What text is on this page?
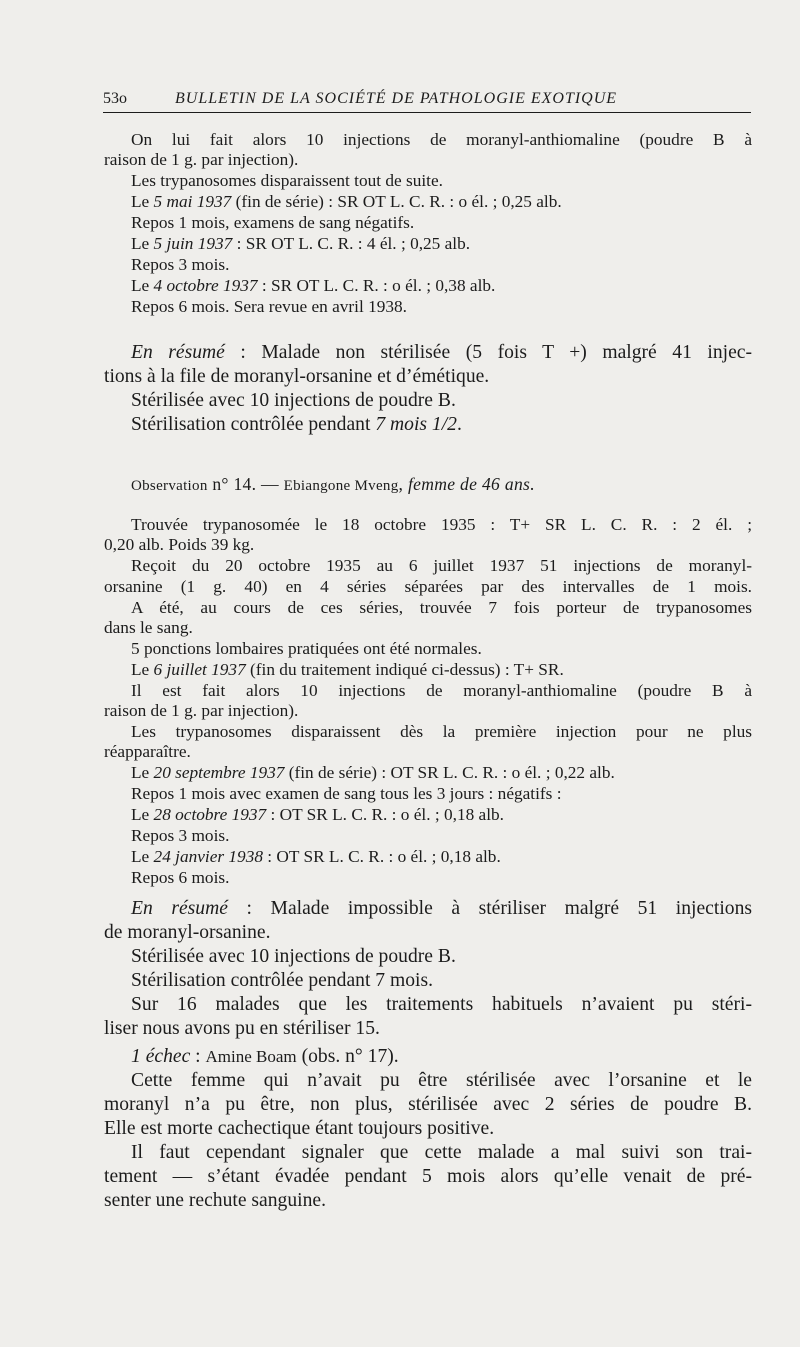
53o	BULLETIN DE LA SOCIÉTÉ DE PATHOLOGIE EXOTIQUE
On lui fait alors 10 injections de moranyl-anthiomaline (poudre B à
raison de 1 g. par injection).
Les trypanosomes disparaissent tout de suite.
Le 5 mai 1937 (fin de série) : SR OT L. C. R. : o él. ; 0,25 alb.
Repos 1 mois, examens de sang négatifs.
Le 5 juin 1937 : SR OT L. C. R. : 4 él. ; 0,25 alb.
Repos 3 mois.
Le 4 octobre 1937 : SR OT L. C. R. : o él. ; 0,38 alb.
Repos 6 mois. Sera revue en avril 1938.
En résumé : Malade non stérilisée (5 fois T +) malgré 41 injec-
tions à la file de moranyl-orsanine et d’émétique.
Stérilisée avec 10 injections de poudre B.
Stérilisation contrôlée pendant 7 mois 1/2.
Observation n° 14. — Ebiangone Mveng, femme de 46 ans.
Trouvée trypanosomée le 18 octobre 1935 : T+ SR L. C. R. : 2 él. ;
0,20 alb. Poids 39 kg.
Reçoit du 20 octobre 1935 au 6 juillet 1937 51 injections de moranyl-
orsanine (1 g. 40) en 4 séries séparées par des intervalles de 1 mois.
A été, au cours de ces séries, trouvée 7 fois porteur de trypanosomes
dans le sang.
5 ponctions lombaires pratiquées ont été normales.
Le 6 juillet 1937 (fin du traitement indiqué ci-dessus) : T+ SR.
Il est fait alors 10 injections de moranyl-anthiomaline (poudre B à
raison de 1 g. par injection).
Les trypanosomes disparaissent dès la première injection pour ne plus
réapparaître.
Le 20 septembre 1937 (fin de série) : OT SR L. C. R. : o él. ; 0,22 alb.
Repos 1 mois avec examen de sang tous les 3 jours : négatifs :
Le 28 octobre 1937 : OT SR L. C. R. : o él. ; 0,18 alb.
Repos 3 mois.
Le 24 janvier 1938 : OT SR L. C. R. : o él. ; 0,18 alb.
Repos 6 mois.
En résumé : Malade impossible à stériliser malgré 51 injections
de moranyl-orsanine.
Stérilisée avec 10 injections de poudre B.
Stérilisation contrôlée pendant 7 mois.
Sur 16 malades que les traitements habituels n’avaient pu stéri-
liser nous avons pu en stériliser 15.
1 échec : Amine Boam (obs. n° 17).
Cette femme qui n’avait pu être stérilisée avec l’orsanine et le
moranyl n’a pu être, non plus, stérilisée avec 2 séries de poudre B.
Elle est morte cachectique étant toujours positive.
Il faut cependant signaler que cette malade a mal suivi son trai-
tement — s’étant évadée pendant 5 mois alors qu’elle venait de pré-
senter une rechute sanguine.
